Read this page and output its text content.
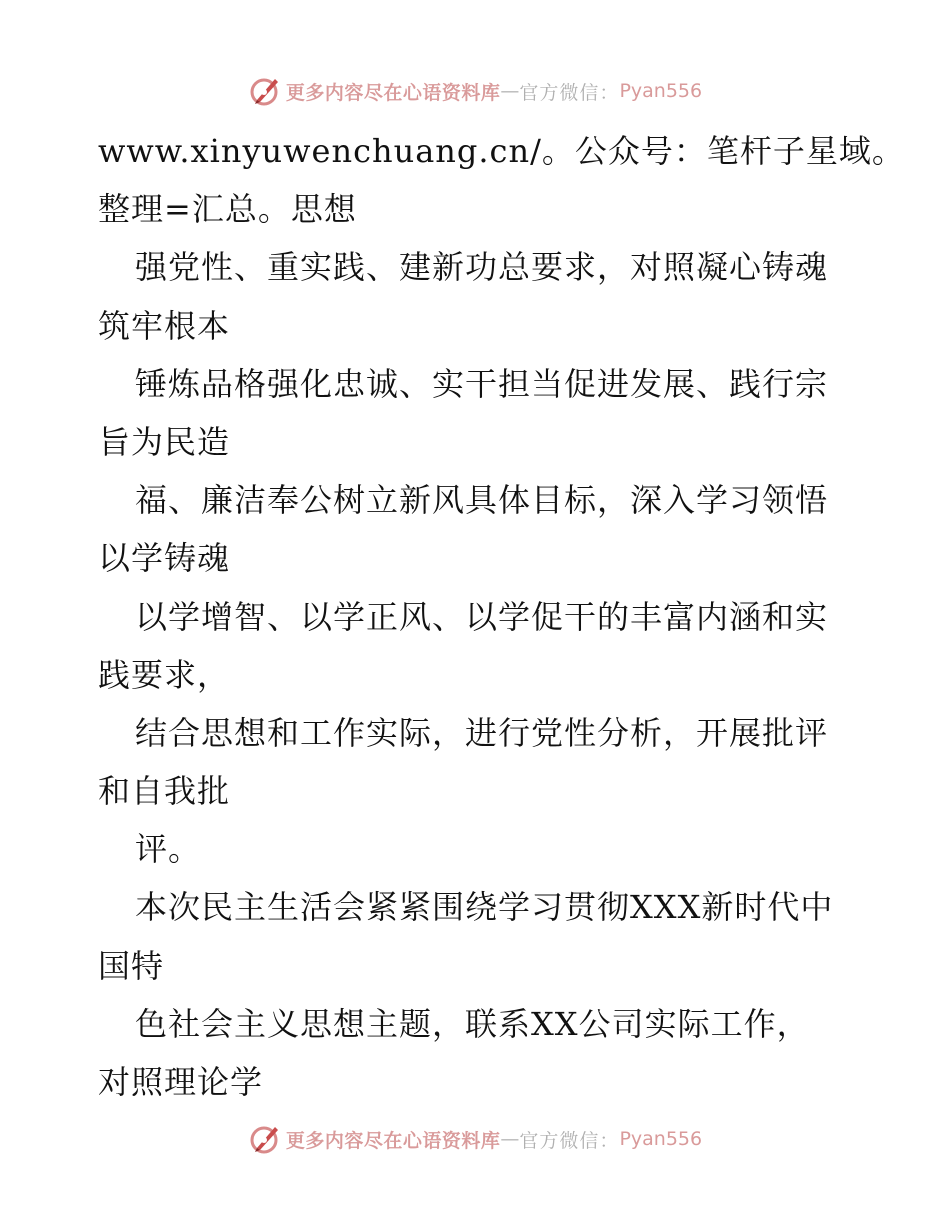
更多内容尽在心语资料库 — 官方微信： Pyan556
www.xinyuwenchuang.cn/。公众号：笔杆子星域。
整理=汇总。思想
强党性、重实践、建新功总要求，对照凝心铸魂
筑牢根本
锤炼品格强化忠诚、实干担当促进发展、践行宗
旨为民造
福、廉洁奉公树立新风具体目标，深入学习领悟
以学铸魂
以学增智、以学正风、以学促干的丰富内涵和实
践要求，
结合思想和工作实际，进行党性分析，开展批评
和自我批
评。
本次民主生活会紧紧围绕学习贯彻XXX新时代中
国特
色社会主义思想主题，联系XX公司实际工作，
对照理论学
更多内容尽在心语资料库 — 官方微信： Pyan556
